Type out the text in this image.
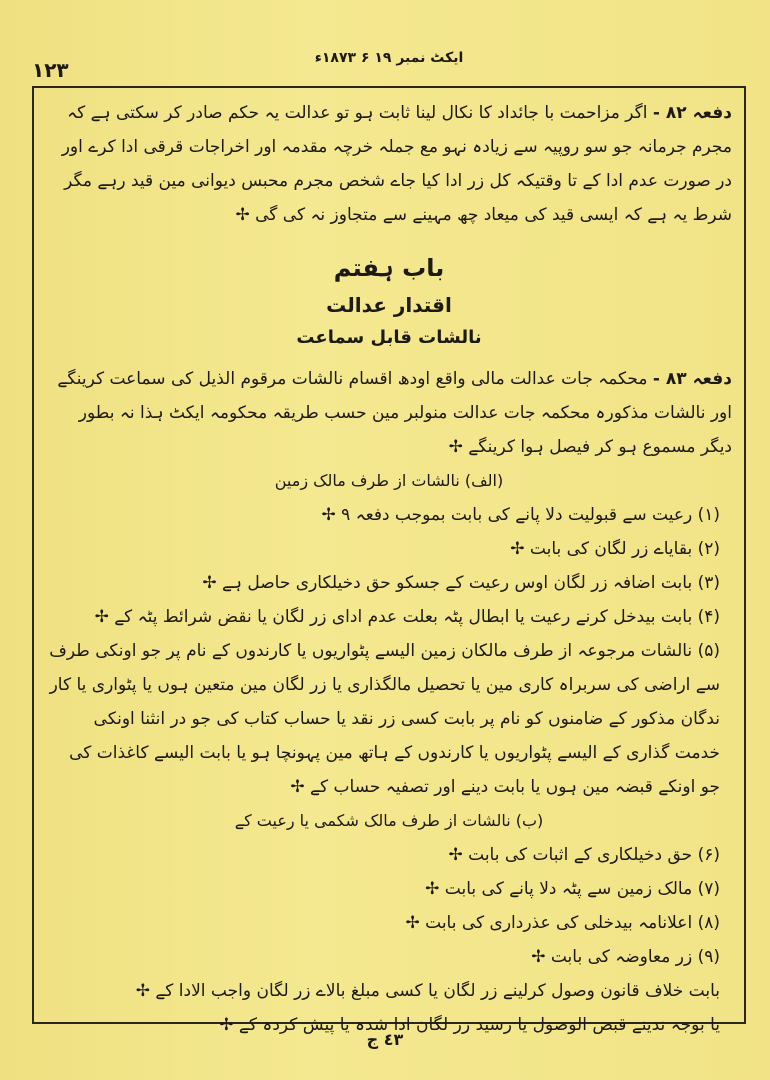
١٢٣	ایکٹ نمبر ۱۹ ۶ ۱۸۷۳ء

دفعہ ۸۲ - اگر مزاحمت با جائداد کا نکال لینا ثابت ہو تو عدالت یہ حکم صادر کر سکتی ہے کہ مجرم جرمانہ جو سو روپیہ سے زیادہ نہو مع جملہ خرچہ مقدمہ اور اخراجات قرقی ادا کرے اور در صورت عدم ادا کے تا وقتیکہ کل زر ادا کیا جاے شخص مجرم محبس دیوانی مین قید رہے مگر شرط یہ ہے کہ ایسی قید کی میعاد چھ مہینے سے متجاوز نہ کی گی ✢

باب ہفتم

اقتدار عدالت

نالشات قابل سماعت

دفعہ ۸۳ - محکمہ جات عدالت مالی واقع اودھ اقسام نالشات مرقوم الذیل کی سماعت کرینگے اور نالشات مذکورہ محکمہ جات عدالت منولبر مین حسب طریقہ محکومہ ایکٹ ہذا نہ بطور دیگر مسموع ہو کر فیصل ہوا کرینگے ✢

(الف) نالشات از طرف مالک زمین

(۱) رعیت سے قبولیت دلا پانے کی بابت بموجب دفعہ ۹ ✢

(۲) بقایاے زر لگان کی بابت ✢

(۳) بابت اضافہ زر لگان اوس رعیت کے جسکو حق دخیلکاری حاصل ہے ✢

(۴) بابت بیدخل کرنے رعیت یا ابطال پٹہ بعلت عدم ادای زر لگان یا نقض شرائط پٹہ کے ✢

(۵) نالشات مرجوعہ از طرف مالکان زمین الیسے پٹواریوں یا کارندوں کے نام پر جو اونکی طرف سے اراضی کی سربراہ کاری مین یا تحصیل مالگذاری یا زر لگان مین متعین ہوں یا پٹواری یا کار ندگان مذکور کے ضامنوں کو نام پر بابت کسی زر نقد یا حساب کتاب کی جو در انثنا اونکی خدمت گذاری کے الیسے پٹواریوں یا کارندوں کے ہاتھ مین پہونچا ہو یا بابت الیسے کاغذات کی جو اونکے قبضہ مین ہوں یا بابت دینے اور تصفیہ حساب کے ✢

(ب) نالشات از طرف مالک شکمی یا رعیت کے

(۶) حق دخیلکاری کے اثبات کی بابت ✢

(۷) مالک زمین سے پٹہ دلا پانے کی بابت ✢

(۸) اعلانامہ بیدخلی کی عذرداری کی بابت ✢

(۹) زر معاوضہ کی بابت ✢

بابت خلاف قانون وصول کرلینے زر لگان یا کسی مبلغ بالاے زر لگان واجب الادا کے ✢

یا بوجہ ندینے قبض الوصول یا رسید زر لگان ادا شدہ یا پیش کردہ کے ✢

٤٣ ج
